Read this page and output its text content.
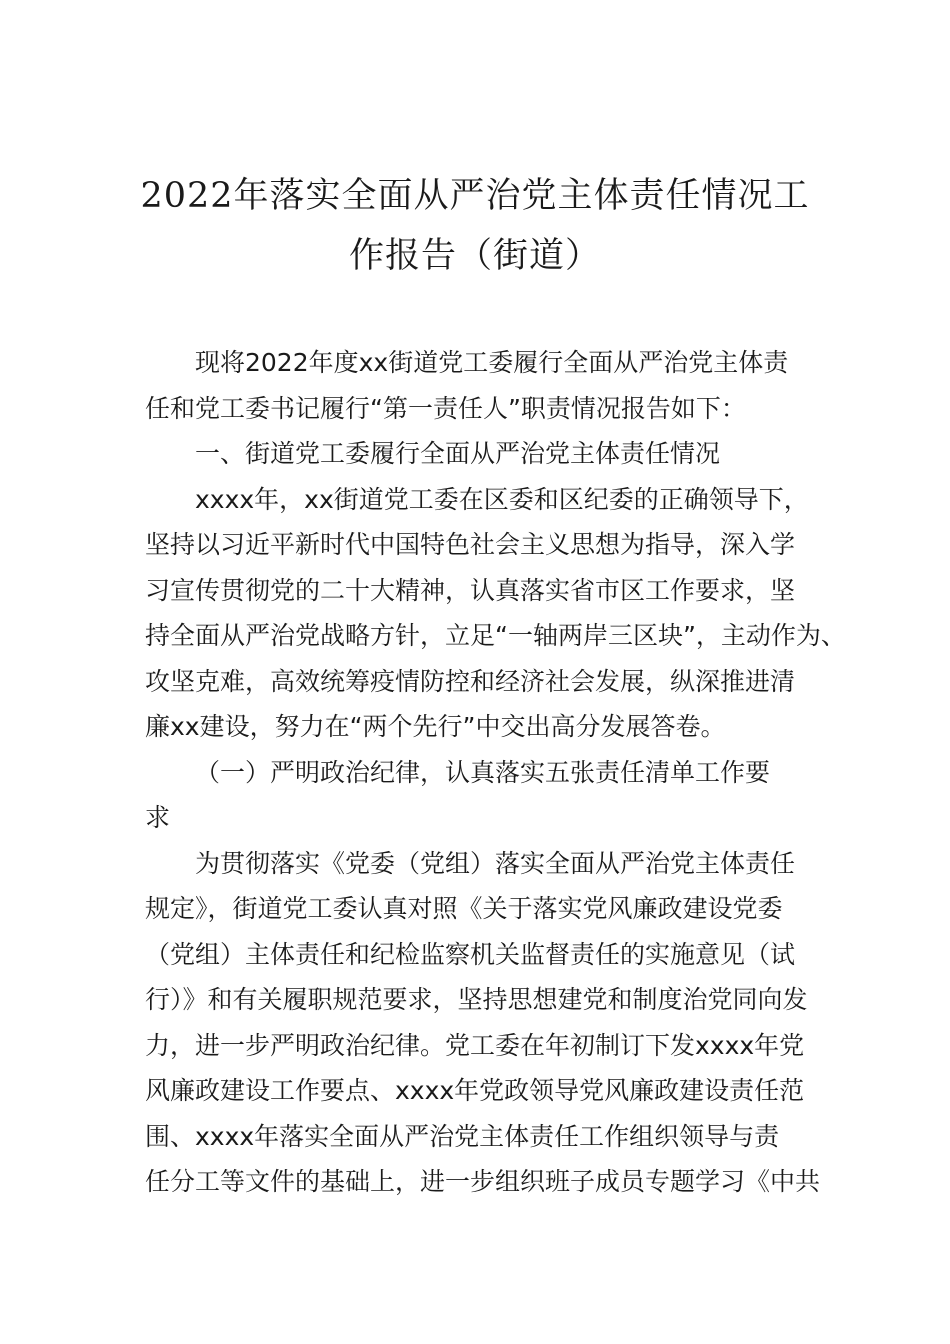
2022年落实全面从严治党主体责任情况工
作报告（街道）
现将2022年度xx街道党工委履行全面从严治党主体责
任和党工委书记履行“第一责任人”职责情况报告如下：
一、街道党工委履行全面从严治党主体责任情况
xxxx年，xx街道党工委在区委和区纪委的正确领导下，
坚持以习近平新时代中国特色社会主义思想为指导，深入学
习宣传贯彻党的二十大精神，认真落实省市区工作要求，坚
持全面从严治党战略方针，立足“一轴两岸三区块”，主动作为、
攻坚克难，高效统筹疫情防控和经济社会发展，纵深推进清
廉xx建设，努力在“两个先行”中交出高分发展答卷。
（一）严明政治纪律，认真落实五张责任清单工作要
求
为贯彻落实《党委（党组）落实全面从严治党主体责任
规定》，街道党工委认真对照《关于落实党风廉政建设党委
（党组）主体责任和纪检监察机关监督责任的实施意见（试
行）》和有关履职规范要求，坚持思想建党和制度治党同向发
力，进一步严明政治纪律。党工委在年初制订下发xxxx年党
风廉政建设工作要点、xxxx年党政领导党风廉政建设责任范
围、xxxx年落实全面从严治党主体责任工作组织领导与责
任分工等文件的基础上，进一步组织班子成员专题学习《中共
